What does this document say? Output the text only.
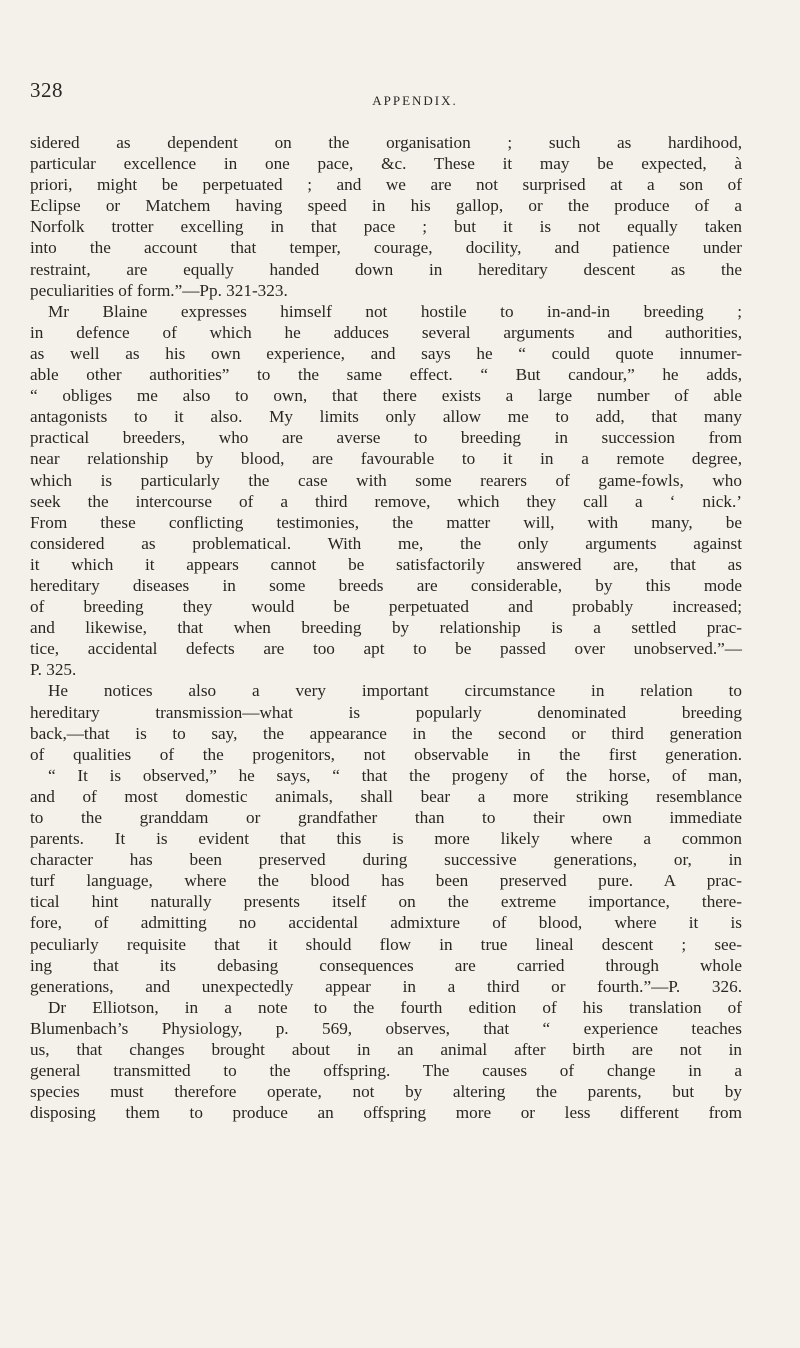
328	APPENDIX.
sidered as dependent on the organisation ; such as hardihood,
particular excellence in one pace, &c. These it may be expected, à
priori, might be perpetuated ; and we are not surprised at a son of
Eclipse or Matchem having speed in his gallop, or the produce of a
Norfolk trotter excelling in that pace ; but it is not equally taken
into the account that temper, courage, docility, and patience under
restraint, are equally handed down in hereditary descent as the
peculiarities of form.”—Pp. 321-323.
Mr Blaine expresses himself not hostile to in-and-in breeding ;
in defence of which he adduces several arguments and authorities,
as well as his own experience, and says he “ could quote innumer-
able other authorities” to the same effect. “ But candour,” he adds,
“ obliges me also to own, that there exists a large number of able
antagonists to it also. My limits only allow me to add, that many
practical breeders, who are averse to breeding in succession from
near relationship by blood, are favourable to it in a remote degree,
which is particularly the case with some rearers of game-fowls, who
seek the intercourse of a third remove, which they call a ‘ nick.’
From these conflicting testimonies, the matter will, with many, be
considered as problematical. With me, the only arguments against
it which it appears cannot be satisfactorily answered are, that as
hereditary diseases in some breeds are considerable, by this mode
of breeding they would be perpetuated and probably increased;
and likewise, that when breeding by relationship is a settled prac-
tice, accidental defects are too apt to be passed over unobserved.”—
P. 325.
He notices also a very important circumstance in relation to
hereditary transmission—what is popularly denominated breeding
back,—that is to say, the appearance in the second or third generation
of qualities of the progenitors, not observable in the first generation.
“ It is observed,” he says, “ that the progeny of the horse, of man,
and of most domestic animals, shall bear a more striking resemblance
to the granddam or grandfather than to their own immediate
parents. It is evident that this is more likely where a common
character has been preserved during successive generations, or, in
turf language, where the blood has been preserved pure. A prac-
tical hint naturally presents itself on the extreme importance, there-
fore, of admitting no accidental admixture of blood, where it is
peculiarly requisite that it should flow in true lineal descent ; see-
ing that its debasing consequences are carried through whole
generations, and unexpectedly appear in a third or fourth.”—P. 326.
Dr Elliotson, in a note to the fourth edition of his translation of
Blumenbach’s Physiology, p. 569, observes, that “ experience teaches
us, that changes brought about in an animal after birth are not in
general transmitted to the offspring. The causes of change in a
species must therefore operate, not by altering the parents, but by
disposing them to produce an offspring more or less different from
